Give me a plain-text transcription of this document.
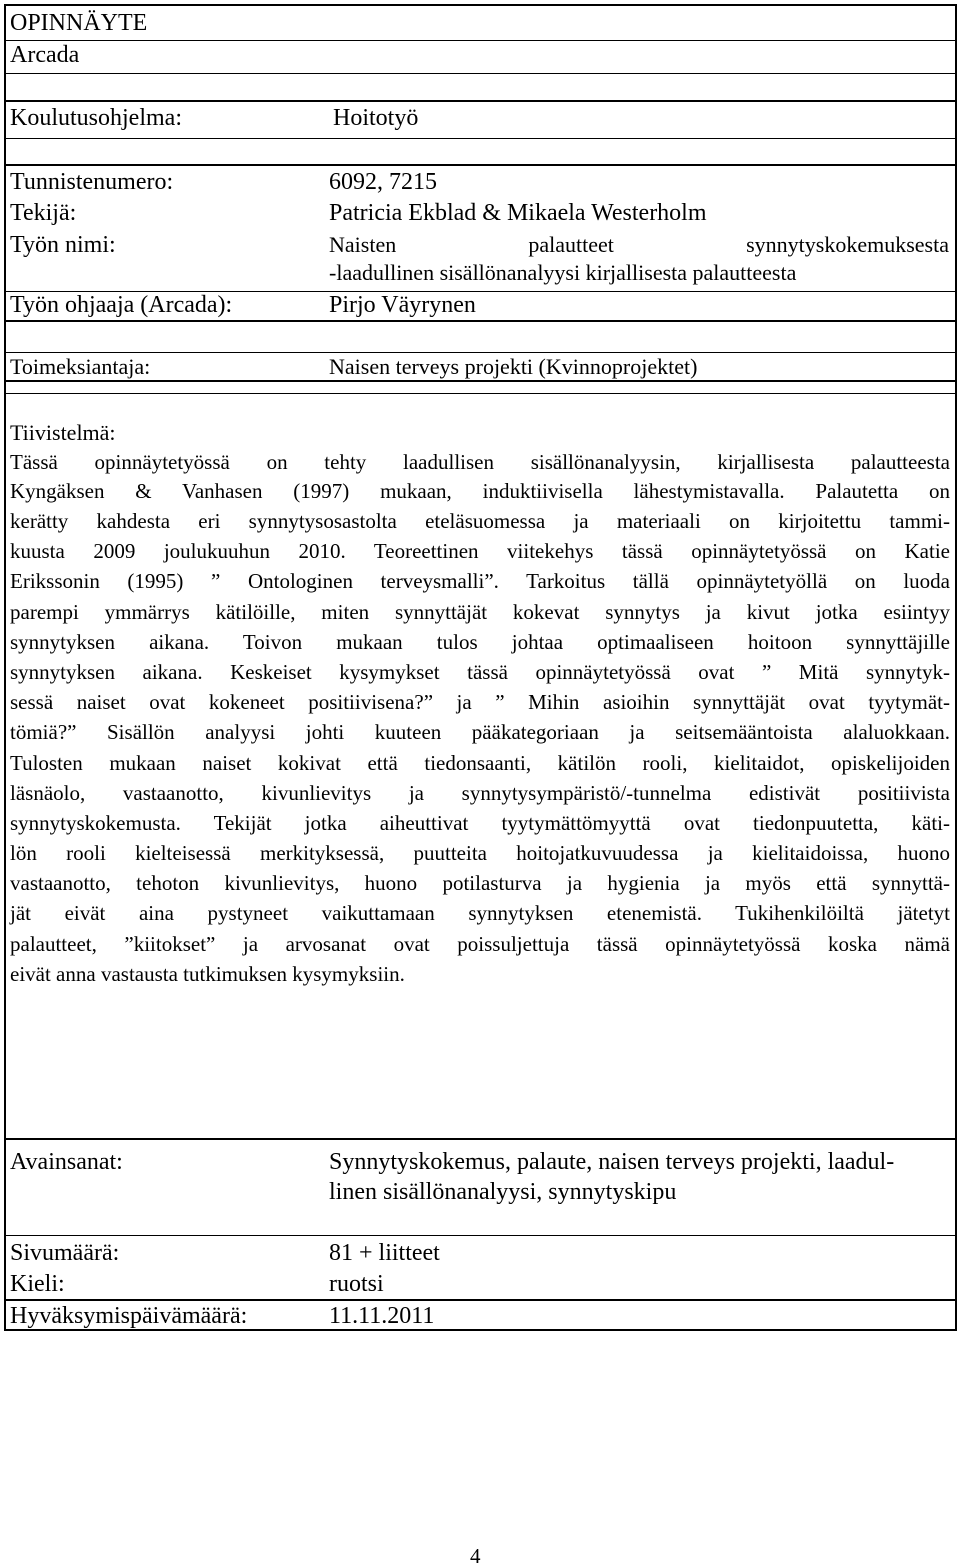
OPINNÄYTE
Arcada
Koulutusohjelma:	Hoitotyö
Tunnistenumero:	6092, 7215
Tekijä:	Patricia Ekblad & Mikaela Westerholm
Työn nimi:	Naisten palautteet synnytyskokemuksesta
-laadullinen sisällönanalyysi kirjallisesta palautteesta
Työn ohjaaja (Arcada):	Pirjo Väyrynen
Toimeksiantaja:	Naisen terveys projekti (Kvinnoprojektet)
Tiivistelmä:
Tässä opinnäytetyössä on tehty laadullisen sisällönanalyysin, kirjallisesta palautteesta
Kyngäksen & Vanhasen (1997) mukaan, induktiivisella lähestymistavalla. Palautetta on
kerätty kahdesta eri synnytysosastolta eteläsuomessa ja materiaali on kirjoitettu tammi-
kuusta 2009 joulukuuhun 2010. Teoreettinen viitekehys tässä opinnäytetyössä on Katie
Erikssonin (1995) ” Ontologinen terveysmalli”. Tarkoitus tällä opinnäytetyöllä on luoda
parempi ymmärrys kätilöille, miten synnyttäjät kokevat synnytys ja kivut jotka esiintyy
synnytyksen aikana. Toivon mukaan tulos johtaa optimaaliseen hoitoon synnyttäjille
synnytyksen aikana. Keskeiset kysymykset tässä opinnäytetyössä ovat ” Mitä synnytyk-
sessä naiset ovat kokeneet positiivisena?” ja ” Mihin asioihin synnyttäjät ovat tyytymät-
tömiä?” Sisällön analyysi johti kuuteen pääkategoriaan ja seitsemääntoista alaluokkaan.
Tulosten mukaan naiset kokivat että tiedonsaanti, kätilön rooli, kielitaidot, opiskelijoiden
läsnäolo, vastaanotto, kivunlievitys ja synnytysympäristö/-tunnelma edistivät positiivista
synnytyskokemusta. Tekijät jotka aiheuttivat tyytymättömyyttä ovat tiedonpuutetta, käti-
lön rooli kielteisessä merkityksessä, puutteita hoitojatkuvuudessa ja kielitaidoissa, huono
vastaanotto, tehoton kivunlievitys, huono potilasturva ja hygienia ja myös että synnyttä-
jät eivät aina pystyneet vaikuttamaan synnytyksen etenemistä. Tukihenkilöiltä jätetyt
palautteet, ”kiitokset” ja arvosanat ovat poissuljettuja tässä opinnäytetyössä koska nämä
eivät anna vastausta tutkimuksen kysymyksiin.
Avainsanat:	Synnytyskokemus, palaute, naisen terveys projekti, laadul-
linen sisällönanalyysi, synnytyskipu
Sivumäärä:	81 + liitteet
Kieli:	ruotsi
Hyväksymispäivämäärä:	11.11.2011
4
